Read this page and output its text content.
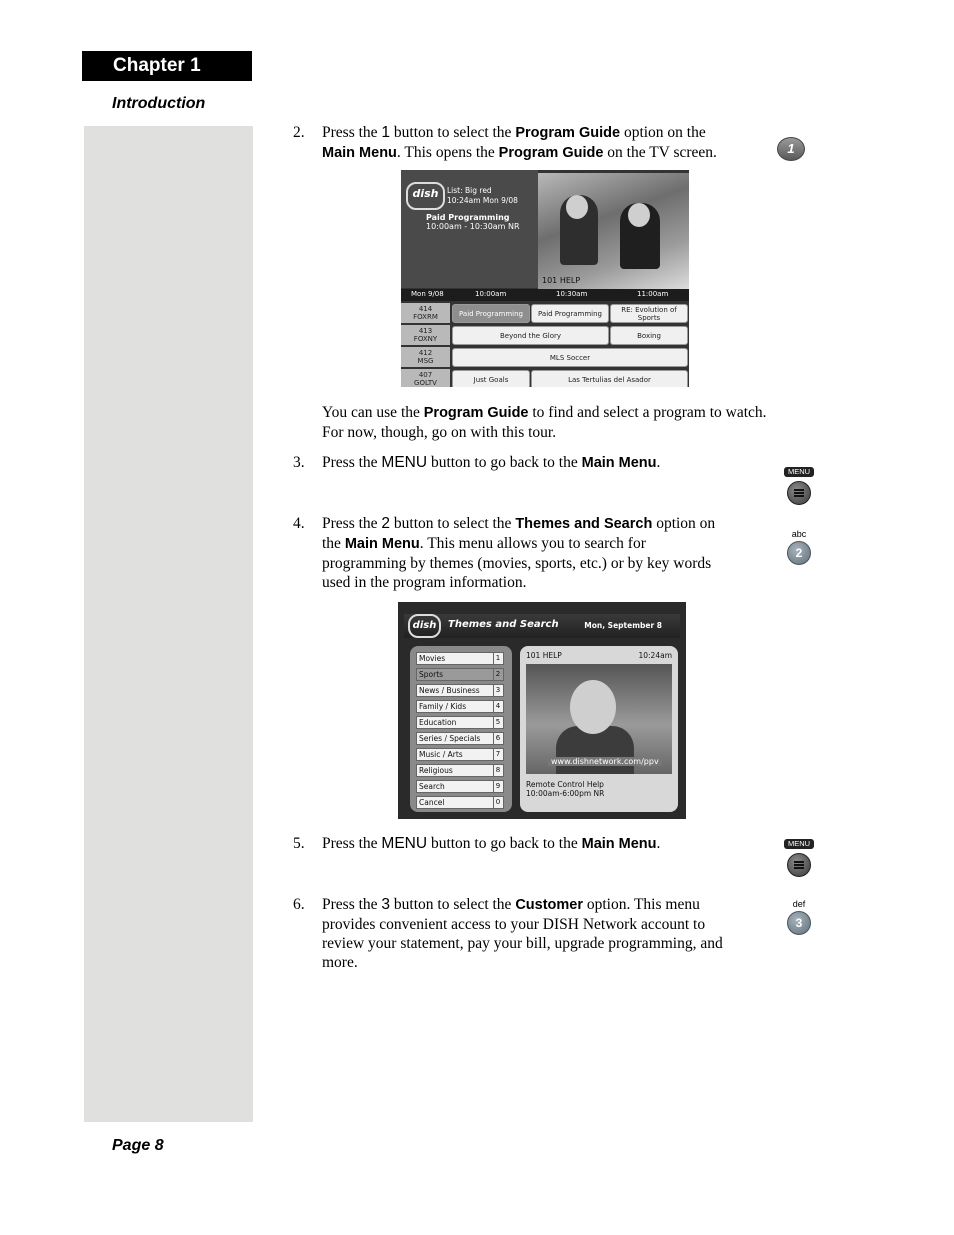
Chapter 1
Introduction
Page 8
2. Press the 1 button to select the Program Guide option on the
Main Menu. This opens the Program Guide on the TV screen.	1
dish	List: Big red
10:24am Mon 9/08
Paid Programming
10:00am - 10:30am NR
101 HELP
Mon 9/08	10:00am	10:30am	11:00am
414
FOXRM	Paid Programming	Paid Programming	RE: Evolution of Sports
413
FOXNY	Beyond the Glory	Boxing
412
MSG	MLS Soccer
407
GOLTV	Just Goals	Las Tertulias del Asador
You can use the Program Guide to find and select a program to watch.
For now, though, go on with this tour.
3. Press the MENU button to go back to the Main Menu.
MENU
4. Press the 2 button to select the Themes and Search option on
the Main Menu. This menu allows you to search for
programming by themes (movies, sports, etc.) or by key words
used in the program information.
abc
2
dish	Themes and Search	Mon, September 8
Movies	1
Sports	2
News / Business	3
Family / Kids	4
Education	5
Series / Specials	6
Music / Arts	7
Religious	8
Search	9
Cancel	0
101 HELP	10:24am
www.dishnetwork.com/ppv
Remote Control Help
10:00am-6:00pm NR
5. Press the MENU button to go back to the Main Menu.	MENU
6. Press the 3 button to select the Customer option. This menu
provides convenient access to your DISH Network account to
review your statement, pay your bill, upgrade programming, and
more.
def
3
